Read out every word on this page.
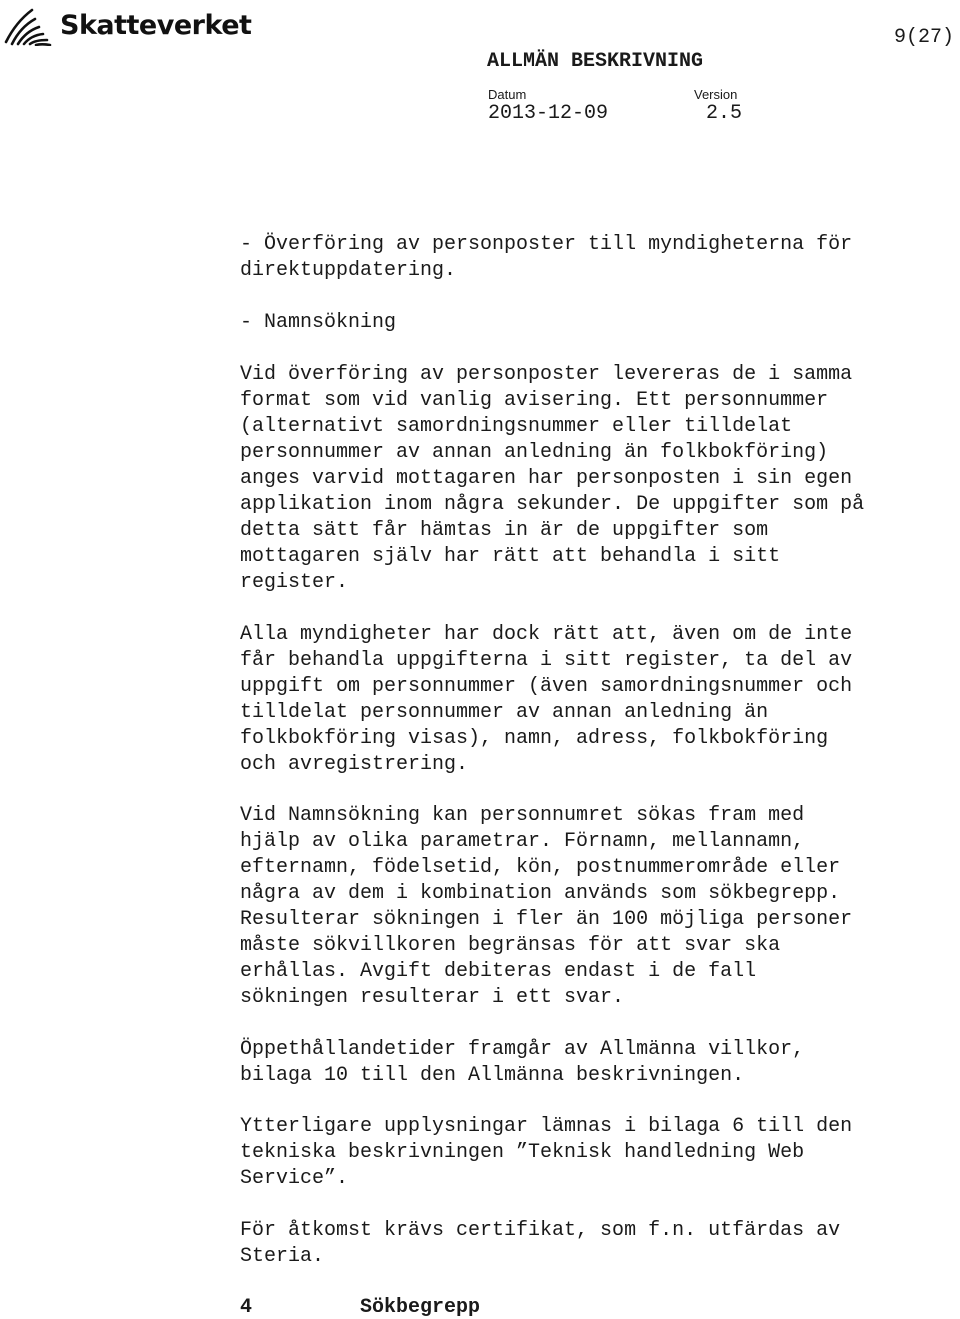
Skatteverket	9(27)
ALLMÄN BESKRIVNING
Datum	Version
2013-12-09	2.5

- Överföring av personposter till myndigheterna för
direktuppdatering.

- Namnsökning

Vid överföring av personposter levereras de i samma
format som vid vanlig avisering. Ett personnummer
(alternativt samordningsnummer eller tilldelat
personnummer av annan anledning än folkbokföring)
anges varvid mottagaren har personposten i sin egen
applikation inom några sekunder. De uppgifter som på
detta sätt får hämtas in är de uppgifter som
mottagaren själv har rätt att behandla i sitt
register.

Alla myndigheter har dock rätt att, även om de inte
får behandla uppgifterna i sitt register, ta del av
uppgift om personnummer (även samordningsnummer och
tilldelat personnummer av annan anledning än
folkbokföring visas), namn, adress, folkbokföring
och avregistrering.

Vid Namnsökning kan personnumret sökas fram med
hjälp av olika parametrar. Förnamn, mellannamn,
efternamn, födelsetid, kön, postnummerområde eller
några av dem i kombination används som sökbegrepp.
Resulterar sökningen i fler än 100 möjliga personer
måste sökvillkoren begränsas för att svar ska
erhållas. Avgift debiteras endast i de fall
sökningen resulterar i ett svar.

Öppethållandetider framgår av Allmänna villkor,
bilaga 10 till den Allmänna beskrivningen.

Ytterligare upplysningar lämnas i bilaga 6 till den
tekniska beskrivningen ”Teknisk handledning Web
Service”.

För åtkomst krävs certifikat, som f.n. utfärdas av
Steria.

4	Sökbegrepp
